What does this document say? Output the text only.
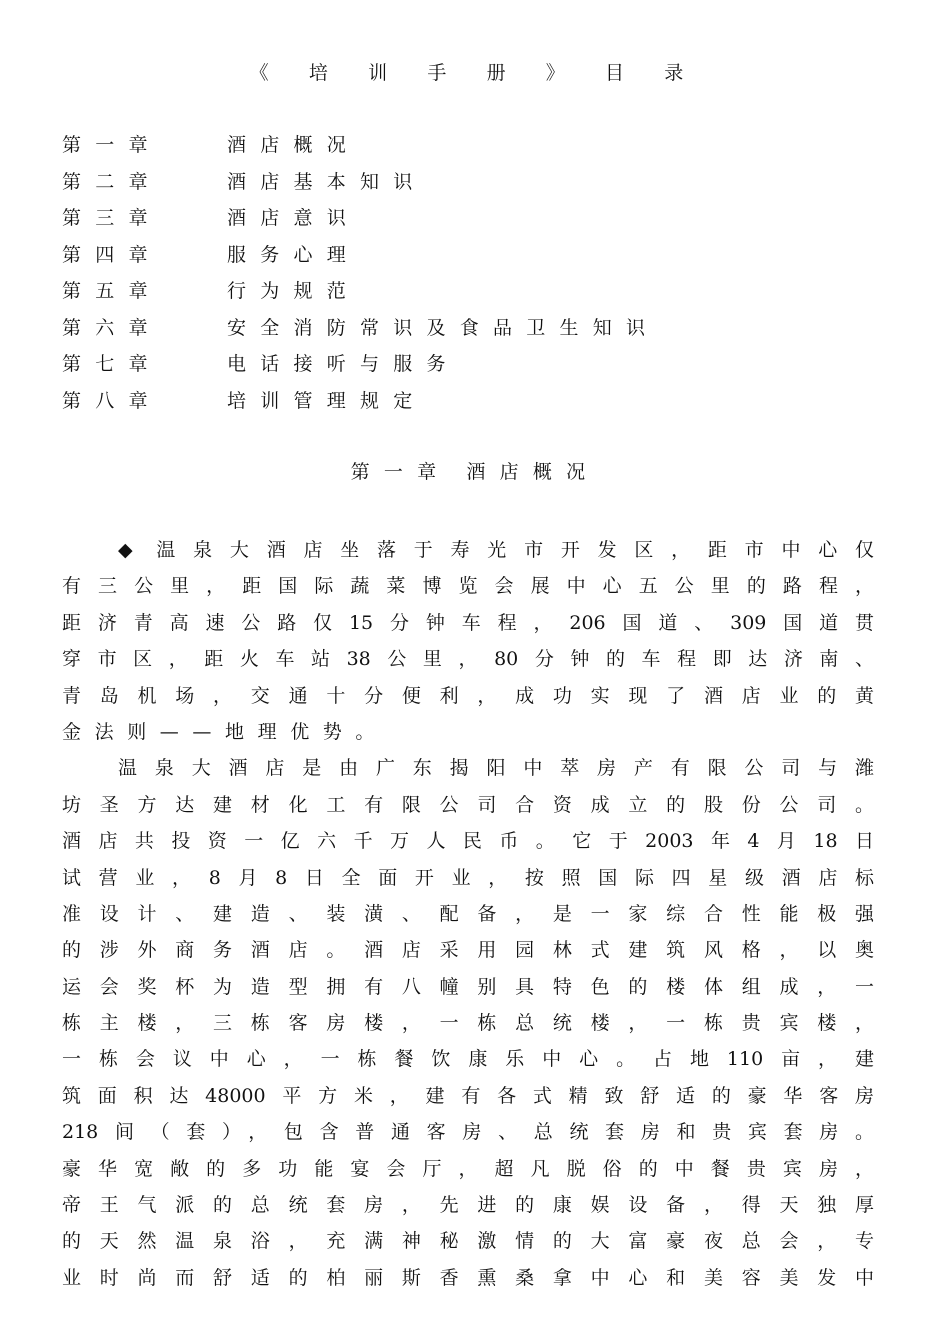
《 培 训 手 册 》 目 录
第一章	酒店概况
第二章	酒店基本知识
第三章	酒店意识
第四章	服务心理
第五章	行为规范
第六章	安全消防常识及食品卫生知识
第七章	电话接听与服务
第八章	培训管理规定
第一章 酒店概况
◆ 温泉大酒店坐落于寿光市开发区，距市中心仅
有三公里，距国际蔬菜博览会展中心五公里的路程，
距济青高速公路仅15分钟车程，206国道、309国道贯
穿市区，距火车站38公里，80分钟的车程即达济南、
青岛机场，交通十分便利，成功实现了酒店业的黄
金法则——地理优势。
温泉大酒店是由广东揭阳中萃房产有限公司与潍
坊圣方达建材化工有限公司合资成立的股份公司。
酒店共投资一亿六千万人民币。它于2003年4月18日
试营业，8月8日全面开业，按照国际四星级酒店标
准设计、建造、装潢、配备，是一家综合性能极强
的涉外商务酒店。酒店采用园林式建筑风格，以奥
运会奖杯为造型拥有八幢别具特色的楼体组成，一
栋主楼，三栋客房楼，一栋总统楼，一栋贵宾楼，
一栋会议中心，一栋餐饮康乐中心。占地110亩，建
筑面积达48000平方米，建有各式精致舒适的豪华客房
218间（套），包含普通客房、总统套房和贵宾套房。
豪华宽敞的多功能宴会厅，超凡脱俗的中餐贵宾房，
帝王气派的总统套房，先进的康娱设备，得天独厚
的天然温泉浴，充满神秘激情的大富豪夜总会，专
业时尚而舒适的柏丽斯香熏桑拿中心和美容美发中
